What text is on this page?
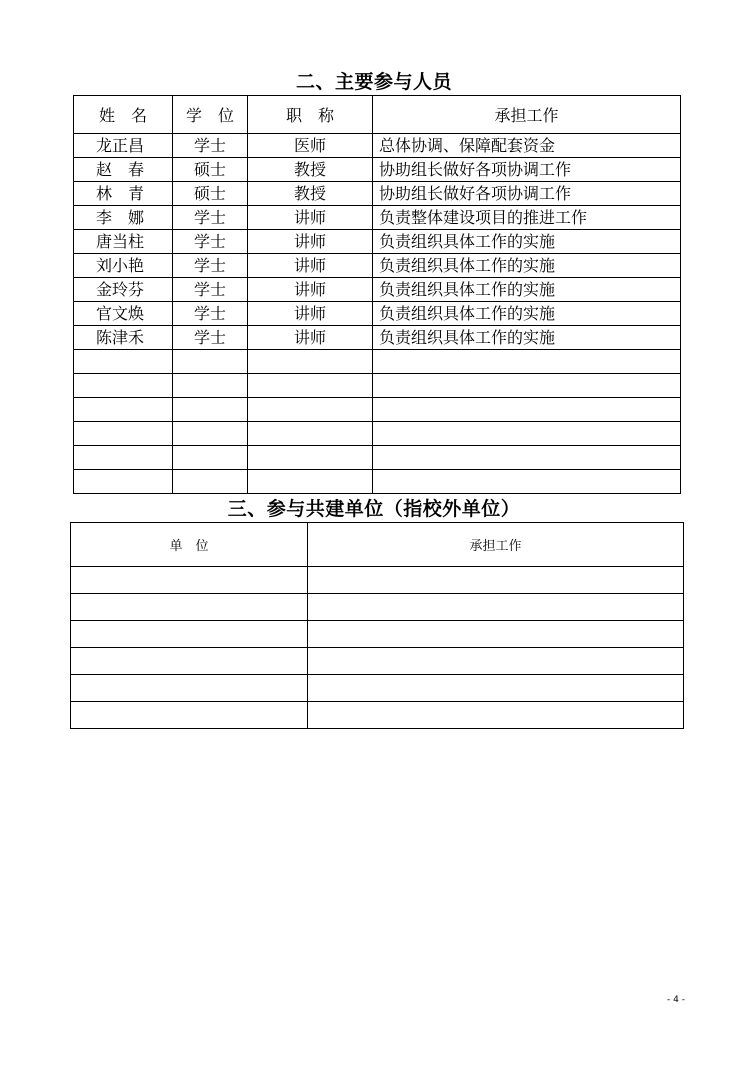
二、主要参与人员
姓　名	学　位	职　称	承担工作
龙正昌	学士	医师	总体协调、保障配套资金
赵　春	硕士	教授	协助组长做好各项协调工作
林　青	硕士	教授	协助组长做好各项协调工作
李　娜	学士	讲师	负责整体建设项目的推进工作
唐当柱	学士	讲师	负责组织具体工作的实施
刘小艳	学士	讲师	负责组织具体工作的实施
金玲芬	学士	讲师	负责组织具体工作的实施
官文焕	学士	讲师	负责组织具体工作的实施
陈津禾	学士	讲师	负责组织具体工作的实施

三、参与共建单位（指校外单位）
单　位	承担工作

- 4 -
